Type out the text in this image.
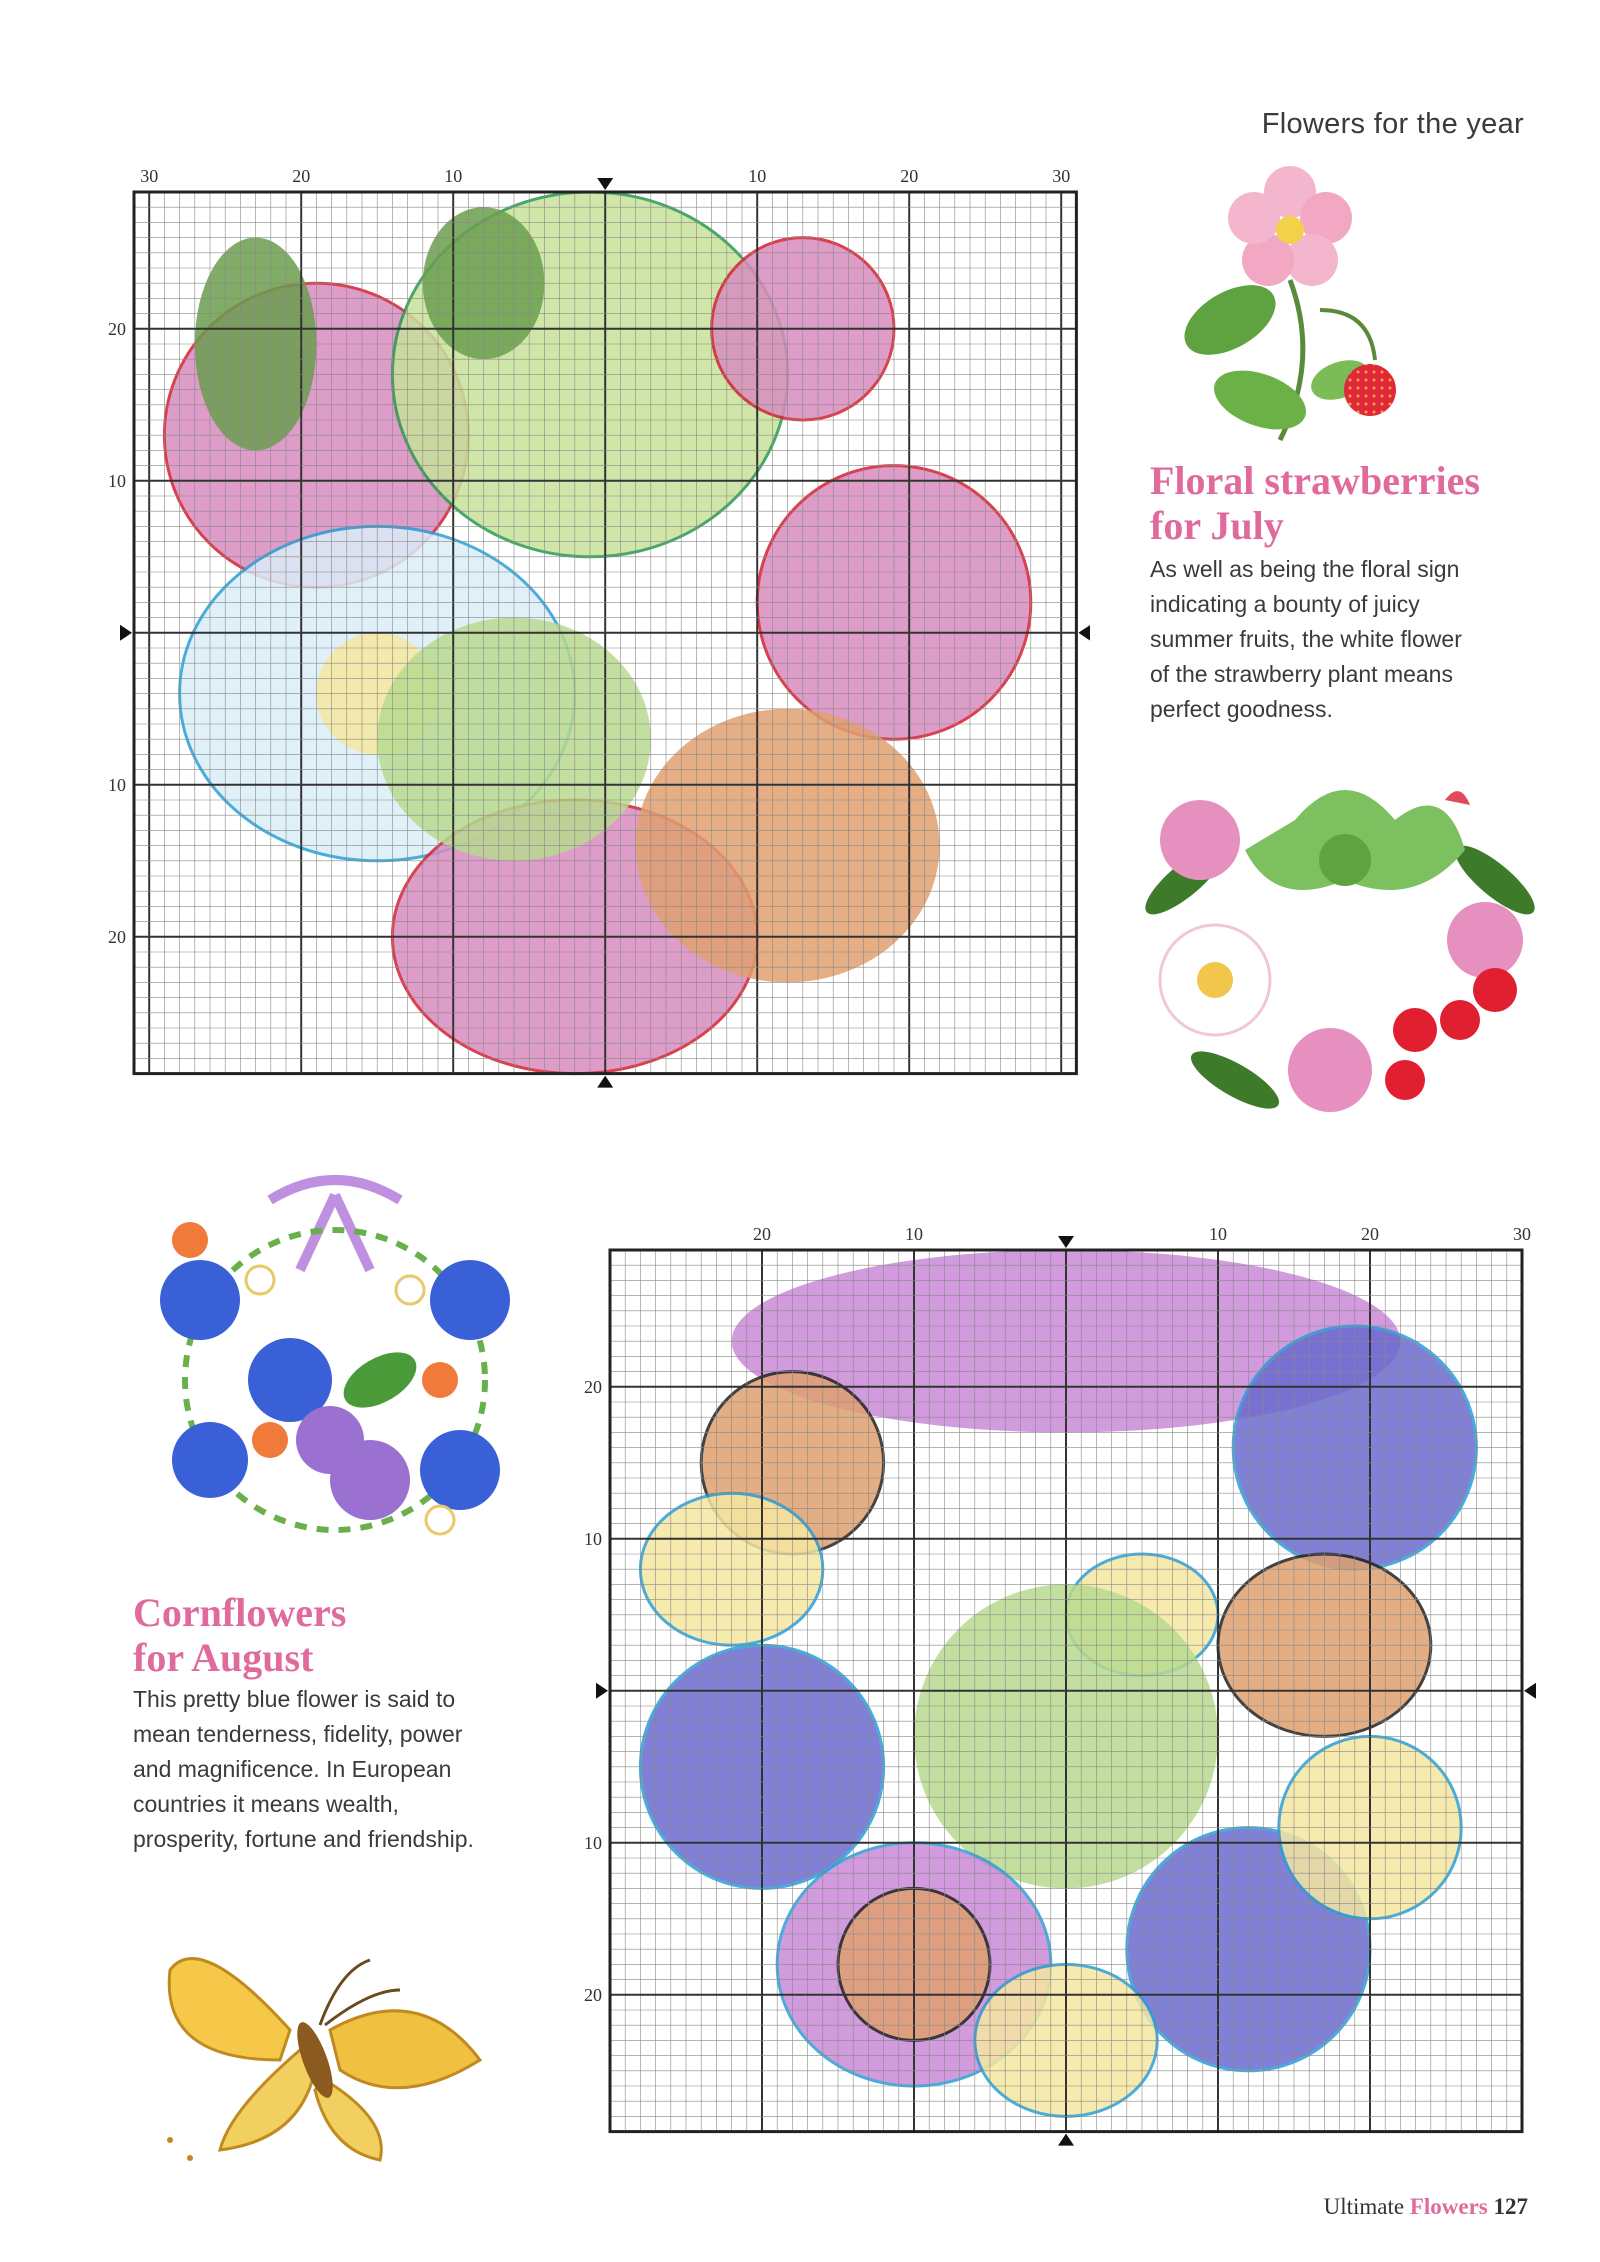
Flowers for the year
30	20	10	10	20	30
20
10
10
20
Floral strawberries
for July
As well as being the floral sign
indicating a bounty of juicy
summer fruits, the white flower
of the strawberry plant means
perfect goodness.
Cornflowers
for August
This pretty blue flower is said to
mean tenderness, fidelity, power
and magnificence. In European
countries it means wealth,
prosperity, fortune and friendship.
20	10	10	20	30
20
10
10
20
Ultimate Flowers 127
